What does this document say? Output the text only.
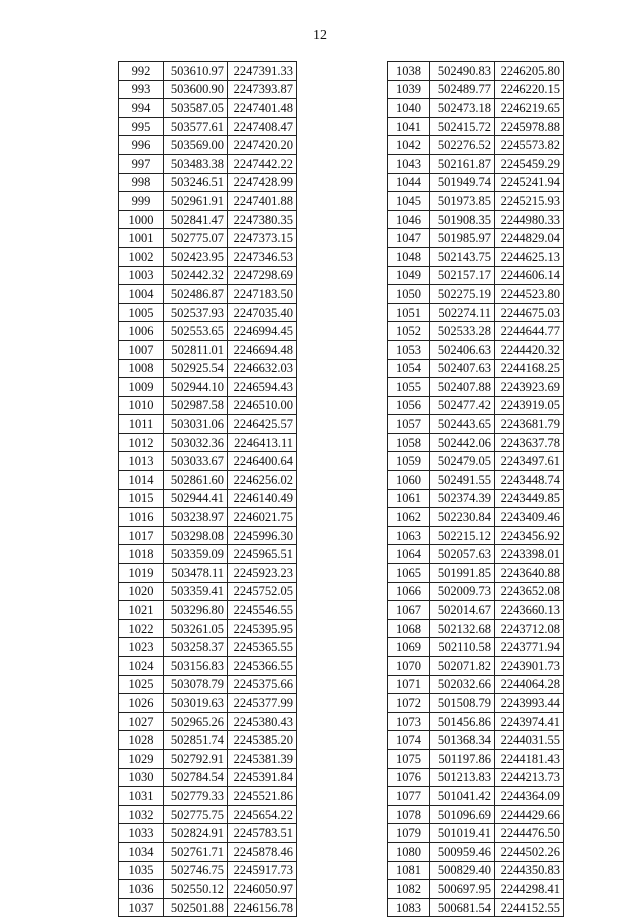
12
992	503610.97	2247391.33
993	503600.90	2247393.87
994	503587.05	2247401.48
995	503577.61	2247408.47
996	503569.00	2247420.20
997	503483.38	2247442.22
998	503246.51	2247428.99
999	502961.91	2247401.88
1000	502841.47	2247380.35
1001	502775.07	2247373.15
1002	502423.95	2247346.53
1003	502442.32	2247298.69
1004	502486.87	2247183.50
1005	502537.93	2247035.40
1006	502553.65	2246994.45
1007	502811.01	2246694.48
1008	502925.54	2246632.03
1009	502944.10	2246594.43
1010	502987.58	2246510.00
1011	503031.06	2246425.57
1012	503032.36	2246413.11
1013	503033.67	2246400.64
1014	502861.60	2246256.02
1015	502944.41	2246140.49
1016	503238.97	2246021.75
1017	503298.08	2245996.30
1018	503359.09	2245965.51
1019	503478.11	2245923.23
1020	503359.41	2245752.05
1021	503296.80	2245546.55
1022	503261.05	2245395.95
1023	503258.37	2245365.55
1024	503156.83	2245366.55
1025	503078.79	2245375.66
1026	503019.63	2245377.99
1027	502965.26	2245380.43
1028	502851.74	2245385.20
1029	502792.91	2245381.39
1030	502784.54	2245391.84
1031	502779.33	2245521.86
1032	502775.75	2245654.22
1033	502824.91	2245783.51
1034	502761.71	2245878.46
1035	502746.75	2245917.73
1036	502550.12	2246050.97
1037	502501.88	2246156.78
1038	502490.83	2246205.80
1039	502489.77	2246220.15
1040	502473.18	2246219.65
1041	502415.72	2245978.88
1042	502276.52	2245573.82
1043	502161.87	2245459.29
1044	501949.74	2245241.94
1045	501973.85	2245215.93
1046	501908.35	2244980.33
1047	501985.97	2244829.04
1048	502143.75	2244625.13
1049	502157.17	2244606.14
1050	502275.19	2244523.80
1051	502274.11	2244675.03
1052	502533.28	2244644.77
1053	502406.63	2244420.32
1054	502407.63	2244168.25
1055	502407.88	2243923.69
1056	502477.42	2243919.05
1057	502443.65	2243681.79
1058	502442.06	2243637.78
1059	502479.05	2243497.61
1060	502491.55	2243448.74
1061	502374.39	2243449.85
1062	502230.84	2243409.46
1063	502215.12	2243456.92
1064	502057.63	2243398.01
1065	501991.85	2243640.88
1066	502009.73	2243652.08
1067	502014.67	2243660.13
1068	502132.68	2243712.08
1069	502110.58	2243771.94
1070	502071.82	2243901.73
1071	502032.66	2244064.28
1072	501508.79	2243993.44
1073	501456.86	2243974.41
1074	501368.34	2244031.55
1075	501197.86	2244181.43
1076	501213.83	2244213.73
1077	501041.42	2244364.09
1078	501096.69	2244429.66
1079	501019.41	2244476.50
1080	500959.46	2244502.26
1081	500829.40	2244350.83
1082	500697.95	2244298.41
1083	500681.54	2244152.55
